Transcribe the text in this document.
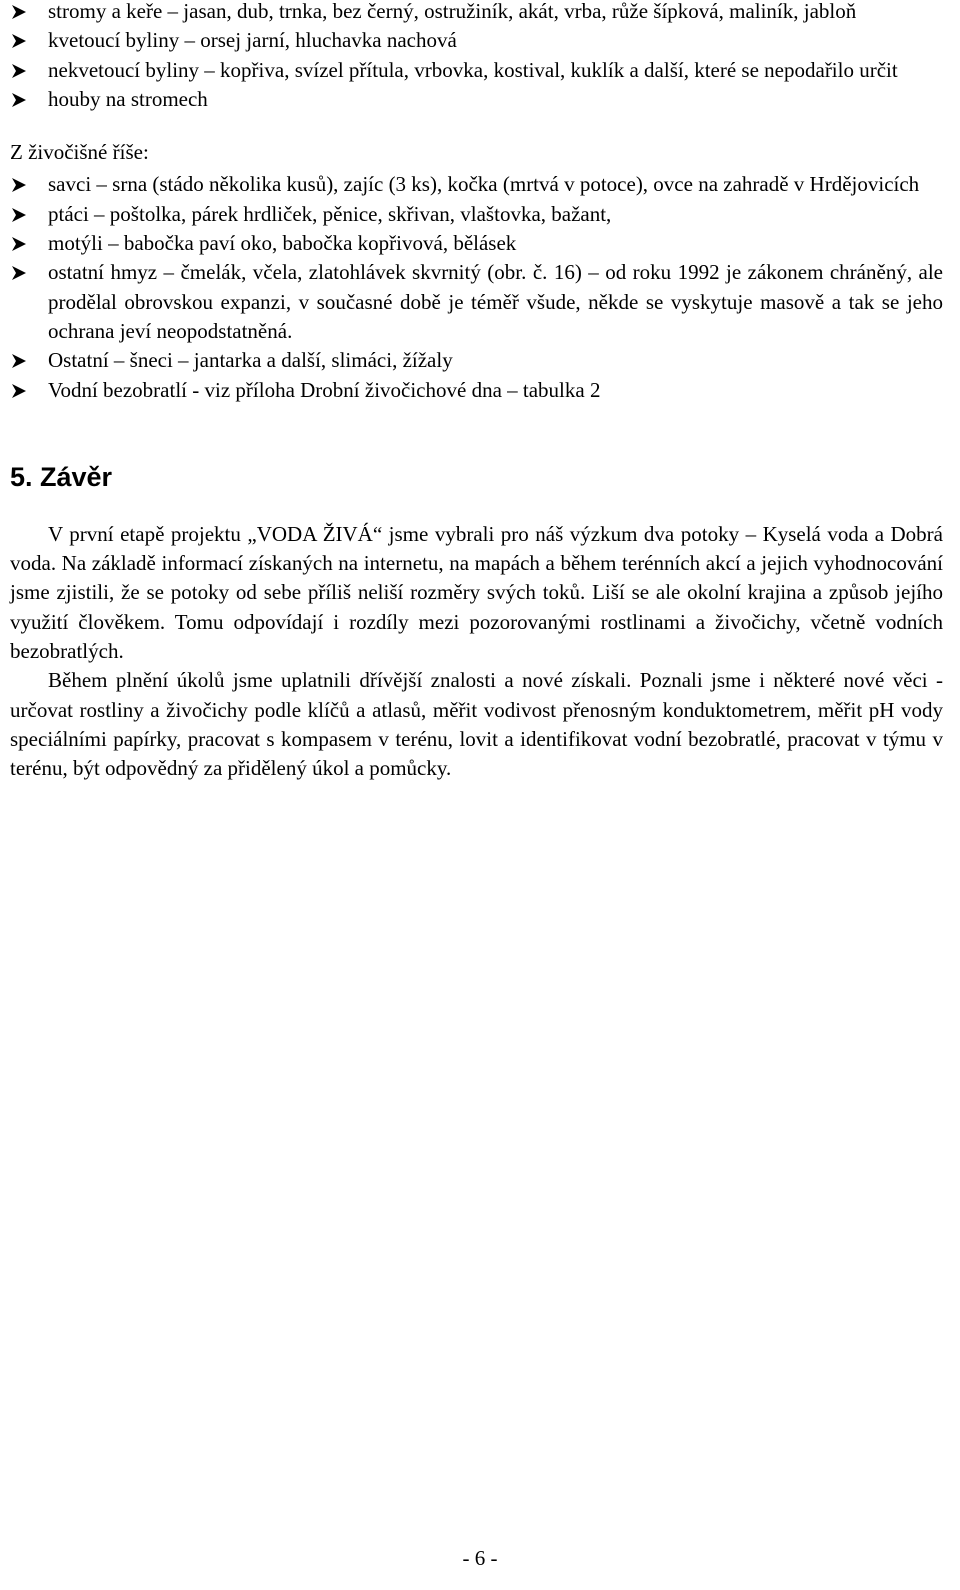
stromy a keře – jasan, dub, trnka, bez černý, ostružiník, akát, vrba, růže šípková, maliník, jabloň
kvetoucí byliny – orsej jarní, hluchavka nachová
nekvetoucí byliny – kopřiva, svízel přítula, vrbovka, kostival, kuklík a další, které se nepodařilo určit
houby na stromech
Z živočišné říše:
savci – srna (stádo několika kusů), zajíc (3 ks), kočka (mrtvá v potoce), ovce na zahradě v Hrdějovicích
ptáci – poštolka, párek hrdliček, pěnice, skřivan, vlaštovka, bažant,
motýli – babočka paví oko, babočka kopřivová, bělásek
ostatní hmyz – čmelák, včela, zlatohlávek skvrnitý (obr. č. 16) – od roku 1992 je zákonem chráněný, ale prodělal obrovskou expanzi, v současné době je téměř všude, někde se vyskytuje masově a tak se jeho ochrana jeví neopodstatněná.
Ostatní – šneci – jantarka a další, slimáci, žížaly
Vodní bezobratlí - viz příloha Drobní živočichové dna – tabulka 2
5. Závěr

V první etapě projektu „VODA ŽIVÁ“ jsme vybrali pro náš výzkum dva potoky – Kyselá voda a Dobrá voda. Na základě informací získaných na internetu, na mapách a během terénních akcí a jejich vyhodnocování jsme zjistili, že se potoky od sebe příliš neliší rozměry svých toků. Liší se ale okolní krajina a způsob jejího využití člověkem. Tomu odpovídají i rozdíly mezi pozorovanými rostlinami a živočichy, včetně vodních bezobratlých.

Během plnění úkolů jsme uplatnili dřívější znalosti a nové získali. Poznali jsme i některé nové věci - určovat rostliny a živočichy podle klíčů a atlasů, měřit vodivost přenosným konduktometrem, měřit pH vody speciálními papírky, pracovat s kompasem v terénu, lovit a identifikovat vodní bezobratlé, pracovat v týmu v terénu, být odpovědný za přidělený úkol a pomůcky.

- 6 -
